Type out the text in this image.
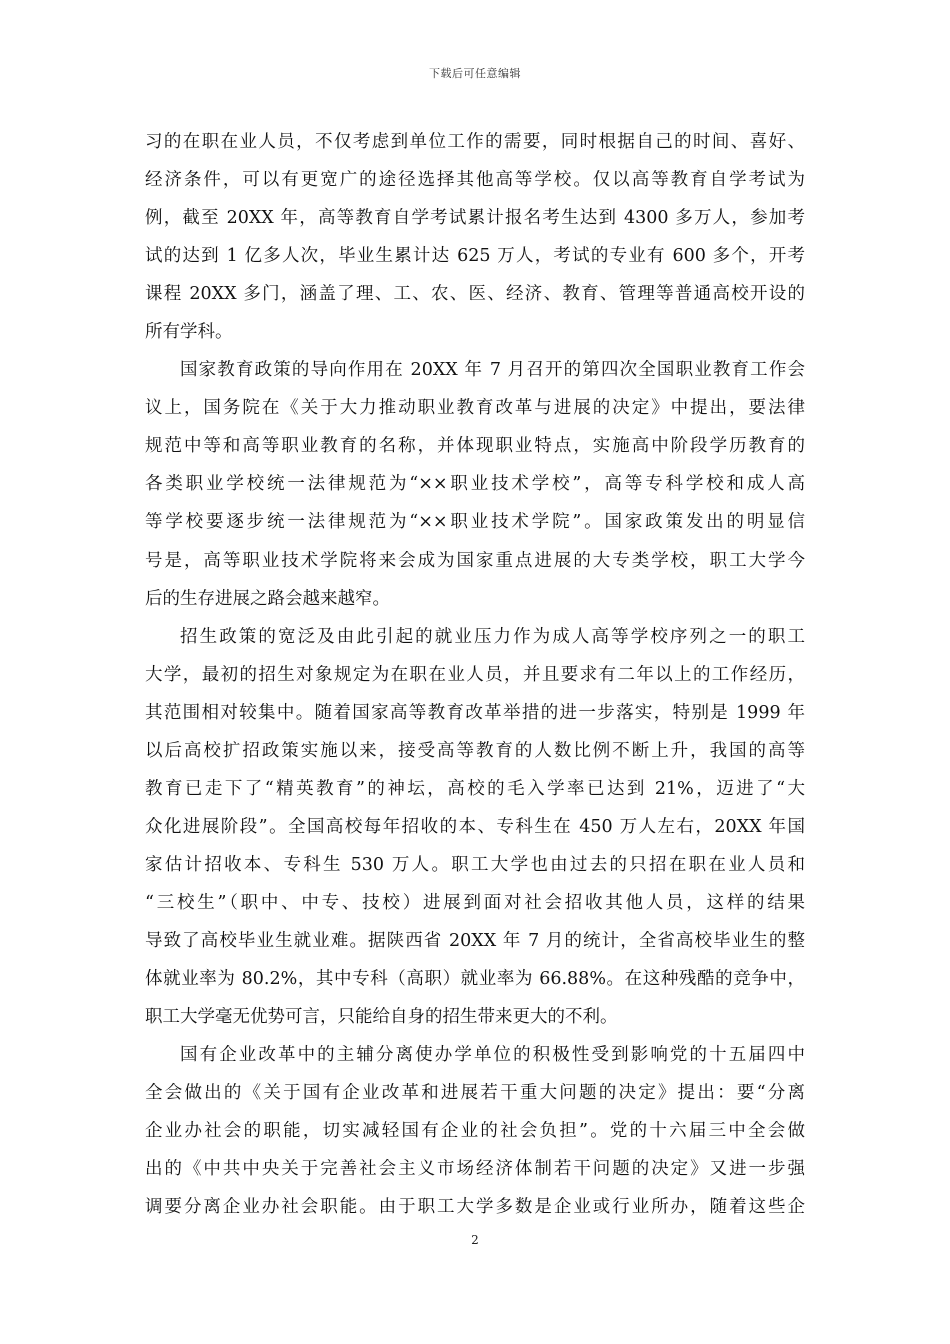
下载后可任意编辑
习的在职在业人员，不仅考虑到单位工作的需要，同时根据自己的时间、喜好、
经济条件，可以有更宽广的途径选择其他高等学校。仅以高等教育自学考试为
例，截至 20XX 年，高等教育自学考试累计报名考生达到 4300 多万人，参加考
试的达到 1 亿多人次，毕业生累计达 625 万人，考试的专业有 600 多个，开考
课程 20XX 多门，涵盖了理、工、农、医、经济、教育、管理等普通高校开设的
所有学科。
国家教育政策的导向作用在 20XX 年 7 月召开的第四次全国职业教育工作会
议上，国务院在《关于大力推动职业教育改革与进展的决定》中提出，要法律
规范中等和高等职业教育的名称，并体现职业特点，实施高中阶段学历教育的
各类职业学校统一法律规范为“××职业技术学校”，高等专科学校和成人高
等学校要逐步统一法律规范为“××职业技术学院”。国家政策发出的明显信
号是，高等职业技术学院将来会成为国家重点进展的大专类学校，职工大学今
后的生存进展之路会越来越窄。
招生政策的宽泛及由此引起的就业压力作为成人高等学校序列之一的职工
大学，最初的招生对象规定为在职在业人员，并且要求有二年以上的工作经历，
其范围相对较集中。随着国家高等教育改革举措的进一步落实，特别是 1999 年
以后高校扩招政策实施以来，接受高等教育的人数比例不断上升，我国的高等
教育已走下了“精英教育”的神坛，高校的毛入学率已达到 21%，迈进了“大
众化进展阶段”。全国高校每年招收的本、专科生在 450 万人左右，20XX 年国
家估计招收本、专科生 530 万人。职工大学也由过去的只招在职在业人员和
“三校生”（职中、中专、技校）进展到面对社会招收其他人员，这样的结果
导致了高校毕业生就业难。据陕西省 20XX 年 7 月的统计，全省高校毕业生的整
体就业率为 80.2%，其中专科（高职）就业率为 66.88%。在这种残酷的竞争中，
职工大学毫无优势可言，只能给自身的招生带来更大的不利。
国有企业改革中的主辅分离使办学单位的积极性受到影响党的十五届四中
全会做出的《关于国有企业改革和进展若干重大问题的决定》提出：要“分离
企业办社会的职能，切实减轻国有企业的社会负担”。党的十六届三中全会做
出的《中共中央关于完善社会主义市场经济体制若干问题的决定》又进一步强
调要分离企业办社会职能。由于职工大学多数是企业或行业所办，随着这些企
2
